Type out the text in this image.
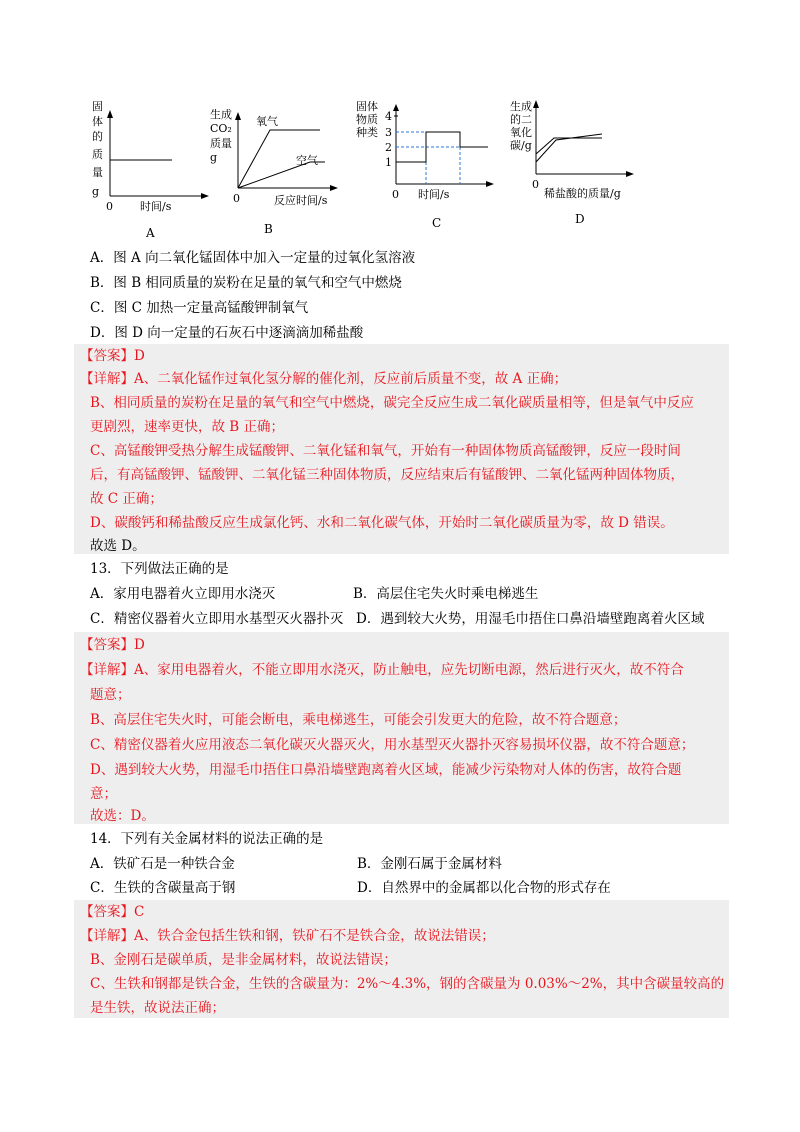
固
体
的
质
量
g
0 时间/s
A
生成
CO₂
质量
g
氧气
空气
0	反应时间/s
B
固体
物质
种类
4
3
2
1
0 时间/s
C
生成
的二
氧化
碳/g
0
稀盐酸的质量/g
D
A．图 A 向二氧化锰固体中加入一定量的过氧化氢溶液
B．图 B 相同质量的炭粉在足量的氧气和空气中燃烧
C．图 C 加热一定量高锰酸钾制氧气
D．图 D 向一定量的石灰石中逐滴滴加稀盐酸
【答案】D
【详解】A、二氧化锰作过氧化氢分解的催化剂，反应前后质量不变，故 A 正确；
B、相同质量的炭粉在足量的氧气和空气中燃烧，碳完全反应生成二氧化碳质量相等，但是氧气中反应
更剧烈，速率更快，故 B 正确；
C、高锰酸钾受热分解生成锰酸钾、二氧化锰和氧气，开始有一种固体物质高锰酸钾，反应一段时间
后，有高锰酸钾、锰酸钾、二氧化锰三种固体物质，反应结束后有锰酸钾、二氧化锰两种固体物质，
故 C 正确；
D、碳酸钙和稀盐酸反应生成氯化钙、水和二氧化碳气体，开始时二氧化碳质量为零，故 D 错误。
故选 D。
13．下列做法正确的是
A．家用电器着火立即用水浇灭	B．高层住宅失火时乘电梯逃生
C．精密仪器着火立即用水基型灭火器扑灭 D．遇到较大火势，用湿毛巾捂住口鼻沿墙壁跑离着火区域
【答案】D
【详解】A、家用电器着火，不能立即用水浇灭，防止触电，应先切断电源，然后进行灭火，故不符合
题意；
B、高层住宅失火时，可能会断电，乘电梯逃生，可能会引发更大的危险，故不符合题意；
C、精密仪器着火应用液态二氧化碳灭火器灭火，用水基型灭火器扑灭容易损坏仪器，故不符合题意；
D、遇到较大火势，用湿毛巾捂住口鼻沿墙壁跑离着火区域，能减少污染物对人体的伤害，故符合题
意；
故选：D。
14．下列有关金属材料的说法正确的是
A．铁矿石是一种铁合金	B．金刚石属于金属材料
C．生铁的含碳量高于钢	D．自然界中的金属都以化合物的形式存在
【答案】C
【详解】A、铁合金包括生铁和钢，铁矿石不是铁合金，故说法错误；
B、金刚石是碳单质，是非金属材料，故说法错误；
C、生铁和钢都是铁合金，生铁的含碳量为：2%～4.3%，钢的含碳量为 0.03%～2%，其中含碳量较高的
是生铁，故说法正确；
